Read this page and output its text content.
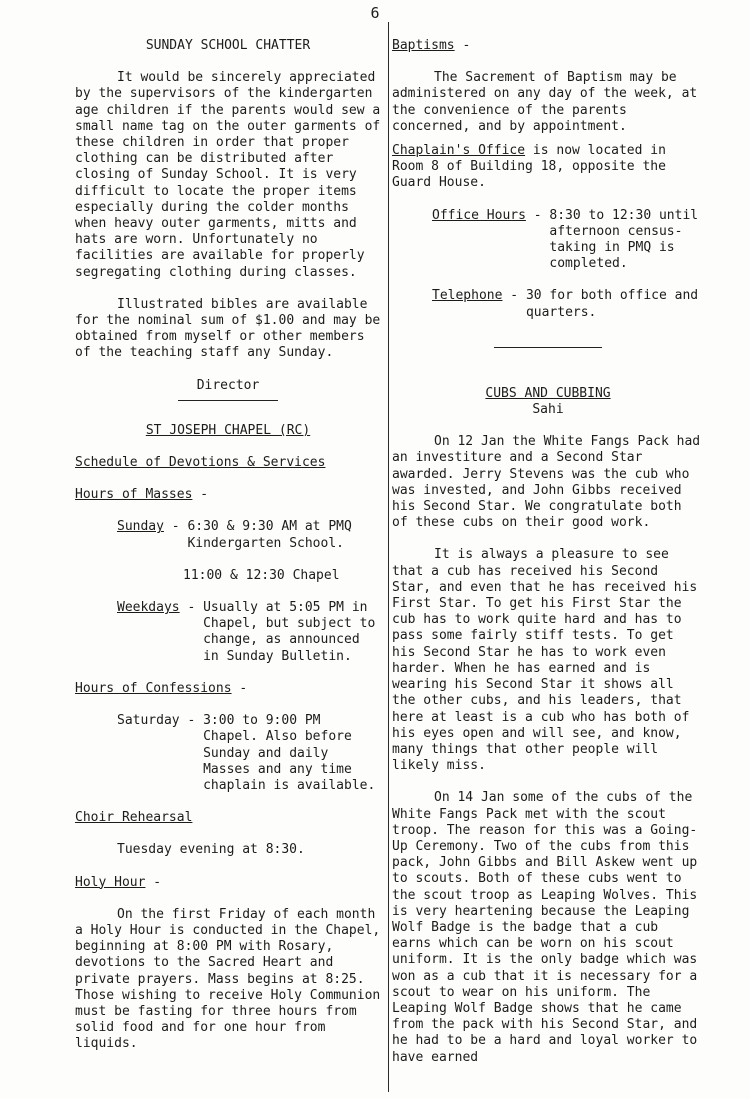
6

SUNDAY SCHOOL CHATTER

It would be sincerely appreciated by the supervisors of the kindergarten age children if the parents would sew a small name tag on the outer garments of these children in order that proper clothing can be distributed after closing of Sunday School. It is very difficult to locate the proper items especially during the colder months when heavy outer garments, mitts and hats are worn. Unfortunately no facilities are available for properly segregating clothing during classes.

Illustrated bibles are available for the nominal sum of $1.00 and may be obtained from myself or other members of the teaching staff any Sunday.

Director

ST JOSEPH CHAPEL (RC)

Schedule of Devotions & Services

Hours of Masses -

Sunday - 6:30 & 9:30 AM at PMQ Kindergarten School.

11:00 & 12:30 Chapel

Weekdays - Usually at 5:05 PM in Chapel, but subject to change, as announced in Sunday Bulletin.

Hours of Confessions -

Saturday - 3:00 to 9:00 PM Chapel. Also before Sunday and daily Masses and any time chaplain is available.

Choir Rehearsal

Tuesday evening at 8:30.

Holy Hour -

On the first Friday of each month a Holy Hour is conducted in the Chapel, beginning at 8:00 PM with Rosary, devotions to the Sacred Heart and private prayers. Mass begins at 8:25. Those wishing to receive Holy Communion must be fasting for three hours from solid food and for one hour from liquids.

Baptisms -

The Sacrement of Baptism may be administered on any day of the week, at the convenience of the parents concerned, and by appointment.

Chaplain's Office is now located in Room 8 of Building 18, opposite the Guard House.

Office Hours - 8:30 to 12:30 until afternoon census-taking in PMQ is completed.
Telephone - 30 for both office and quarters.

CUBS AND CUBBING

Sahi

On 12 Jan the White Fangs Pack had an investiture and a Second Star awarded. Jerry Stevens was the cub who was invested, and John Gibbs received his Second Star. We congratulate both of these cubs on their good work.

It is always a pleasure to see that a cub has received his Second Star, and even that he has received his First Star. To get his First Star the cub has to work quite hard and has to pass some fairly stiff tests. To get his Second Star he has to work even harder. When he has earned and is wearing his Second Star it shows all the other cubs, and his leaders, that here at least is a cub who has both of his eyes open and will see, and know, many things that other people will likely miss.

On 14 Jan some of the cubs of the White Fangs Pack met with the scout troop. The reason for this was a Going-Up Ceremony. Two of the cubs from this pack, John Gibbs and Bill Askew went up to scouts. Both of these cubs went to the scout troop as Leaping Wolves. This is very heartening because the Leaping Wolf Badge is the badge that a cub earns which can be worn on his scout uniform. It is the only badge which was won as a cub that it is necessary for a scout to wear on his uniform. The Leaping Wolf Badge shows that he came from the pack with his Second Star, and he had to be a hard and loyal worker to have earned
